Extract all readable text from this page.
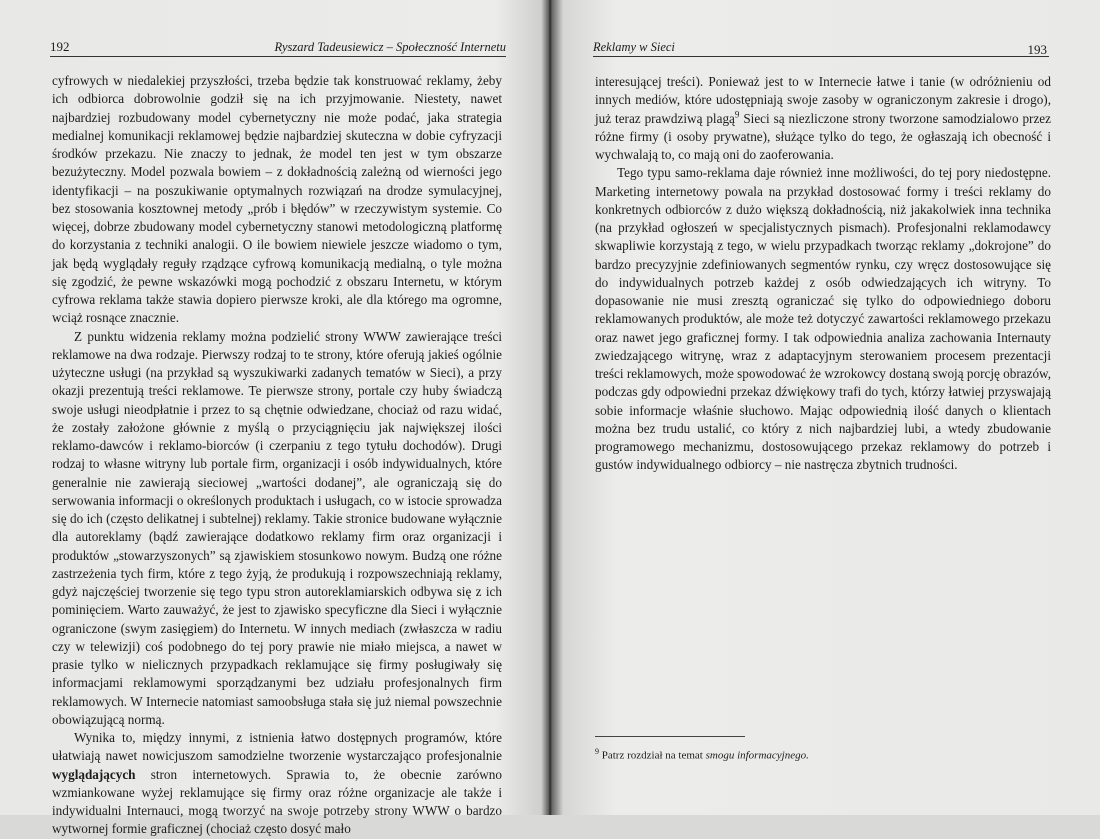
192	Ryszard Tadeusiewicz – Społeczność Internetu

cyfrowych w niedalekiej przyszłości, trzeba będzie tak konstruować reklamy, żeby ich odbiorca dobrowolnie godził się na ich przyjmowanie. Niestety, nawet najbardziej rozbudowany model cybernetyczny nie może podać, jaka strategia medialnej komunikacji reklamowej będzie najbardziej skuteczna w dobie cyfryzacji środków przekazu. Nie znaczy to jednak, że model ten jest w tym obszarze bezużyteczny. Model pozwala bowiem – z dokładnością zależną od wierności jego identyfikacji – na poszukiwanie optymalnych rozwiązań na drodze symulacyjnej, bez stosowania kosztownej metody „prób i błędów” w rzeczywistym systemie. Co więcej, dobrze zbudowany model cybernetyczny stanowi metodologiczną platformę do korzystania z techniki analogii. O ile bowiem niewiele jeszcze wiadomo o tym, jak będą wyglądały reguły rządzące cyfrową komunikacją medialną, o tyle można się zgodzić, że pewne wskazówki mogą pochodzić z obszaru Internetu, w którym cyfrowa reklama także stawia dopiero pierwsze kroki, ale dla którego ma ogromne, wciąż rosnące znacznie.

Z punktu widzenia reklamy można podzielić strony WWW zawierające treści reklamowe na dwa rodzaje. Pierwszy rodzaj to te strony, które oferują jakieś ogólnie użyteczne usługi (na przykład są wyszukiwarki zadanych tematów w Sieci), a przy okazji prezentują treści reklamowe. Te pierwsze strony, portale czy huby świadczą swoje usługi nieodpłatnie i przez to są chętnie odwiedzane, chociaż od razu widać, że zostały założone głównie z myślą o przyciągnięciu jak największej ilości reklamo-dawców i reklamo-biorców (i czerpaniu z tego tytułu dochodów). Drugi rodzaj to własne witryny lub portale firm, organizacji i osób indywidualnych, które generalnie nie zawierają sieciowej „wartości dodanej”, ale ograniczają się do serwowania informacji o określonych produktach i usługach, co w istocie sprowadza się do ich (często delikatnej i subtelnej) reklamy. Takie stronice budowane wyłącznie dla autoreklamy (bądź zawierające dodatkowo reklamy firm oraz organizacji i produktów „stowarzyszonych” są zjawiskiem stosunkowo nowym. Budzą one różne zastrzeżenia tych firm, które z tego żyją, że produkują i rozpowszechniają reklamy, gdyż najczęściej tworzenie się tego typu stron autoreklamiarskich odbywa się z ich pominięciem. Warto zauważyć, że jest to zjawisko specyficzne dla Sieci i wyłącznie ograniczone (swym zasięgiem) do Internetu. W innych mediach (zwłaszcza w radiu czy w telewizji) coś podobnego do tej pory prawie nie miało miejsca, a nawet w prasie tylko w nielicznych przypadkach reklamujące się firmy posługiwały się informacjami reklamowymi sporządzanymi bez udziału profesjonalnych firm reklamowych. W Internecie natomiast samoobsługa stała się już niemal powszechnie obowiązującą normą.

Wynika to, między innymi, z istnienia łatwo dostępnych programów, które ułatwiają nawet nowicjuszom samodzielne tworzenie wystarczająco profesjonalnie wyglądających stron internetowych. Sprawia to, że obecnie zarówno wzmiankowane wyżej reklamujące się firmy oraz różne organizacje ale także i indywidualni Internauci, mogą tworzyć na swoje potrzeby strony WWW o bardzo wytwornej formie graficznej (chociaż często dosyć mało

Reklamy w Sieci	193

interesującej treści). Ponieważ jest to w Internecie łatwe i tanie (w odróżnieniu od innych mediów, które udostępniają swoje zasoby w ograniczonym zakresie i drogo), już teraz prawdziwą plagą$^9$ Sieci są niezliczone strony tworzone samodzialowo przez różne firmy (i osoby prywatne), służące tylko do tego, że ogłaszają ich obecność i wychwalają to, co mają oni do zaoferowania.

Tego typu samo-reklama daje również inne możliwości, do tej pory niedostępne. Marketing internetowy powala na przykład dostosować formy i treści reklamy do konkretnych odbiorców z dużo większą dokładnością, niż jakakolwiek inna technika (na przykład ogłoszeń w specjalistycznych pismach). Profesjonalni reklamodawcy skwapliwie korzystają z tego, w wielu przypadkach tworząc reklamy „dokrojone” do bardzo precyzyjnie zdefiniowanych segmentów rynku, czy wręcz dostosowujące się do indywidualnych potrzeb każdej z osób odwiedzających ich witryny. To dopasowanie nie musi zresztą ograniczać się tylko do odpowiedniego doboru reklamowanych produktów, ale może też dotyczyć zawartości reklamowego przekazu oraz nawet jego graficznej formy. I tak odpowiednia analiza zachowania Internauty zwiedzającego witrynę, wraz z adaptacyjnym sterowaniem procesem prezentacji treści reklamowych, może spowodować że wzrokowcy dostaną swoją porcję obrazów, podczas gdy odpowiedni przekaz dźwiękowy trafi do tych, którzy łatwiej przyswajają sobie informacje właśnie słuchowo. Mając odpowiednią ilość danych o klientach można bez trudu ustalić, co który z nich najbardziej lubi, a wtedy zbudowanie programowego mechanizmu, dostosowującego przekaz reklamowy do potrzeb i gustów indywidualnego odbiorcy – nie nastręcza zbytnich trudności.

$^9$ Patrz rozdział na temat smogu informacyjnego.
